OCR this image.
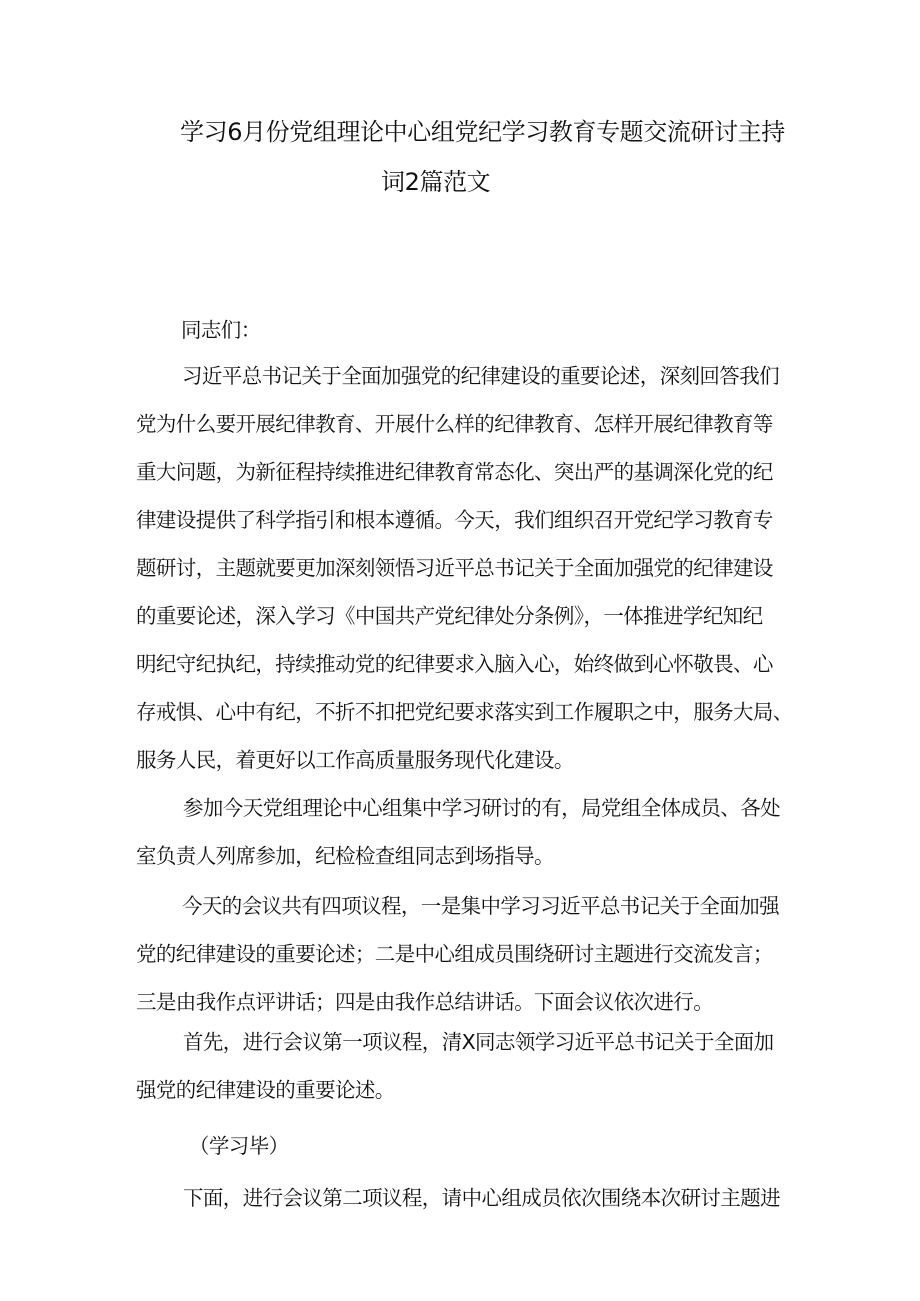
学习6月份党组理论中心组党纪学习教育专题交流研讨主持
词2篇范文
同志们：
习近平总书记关于全面加强党的纪律建设的重要论述，深刻回答我们
党为什么要开展纪律教育、开展什么样的纪律教育、怎样开展纪律教育等
重大问题，为新征程持续推进纪律教育常态化、突出严的基调深化党的纪
律建设提供了科学指引和根本遵循。今天，我们组织召开党纪学习教育专
题研讨，主题就要更加深刻领悟习近平总书记关于全面加强党的纪律建设
的重要论述，深入学习《中国共产党纪律处分条例》，一体推进学纪知纪
明纪守纪执纪，持续推动党的纪律要求入脑入心，始终做到心怀敬畏、心
存戒惧、心中有纪，不折不扣把党纪要求落实到工作履职之中，服务大局、
服务人民，着更好以工作高质量服务现代化建设。
参加今天党组理论中心组集中学习研讨的有，局党组全体成员、各处
室负责人列席参加，纪检检查组同志到场指导。
今天的会议共有四项议程，一是集中学习习近平总书记关于全面加强
党的纪律建设的重要论述；二是中心组成员围绕研讨主题进行交流发言；
三是由我作点评讲话；四是由我作总结讲话。下面会议依次进行。
首先，进行会议第一项议程，清X同志领学习近平总书记关于全面加
强党的纪律建设的重要论述。
（学习毕）
下面，进行会议第二项议程，请中心组成员依次围绕本次研讨主题进
